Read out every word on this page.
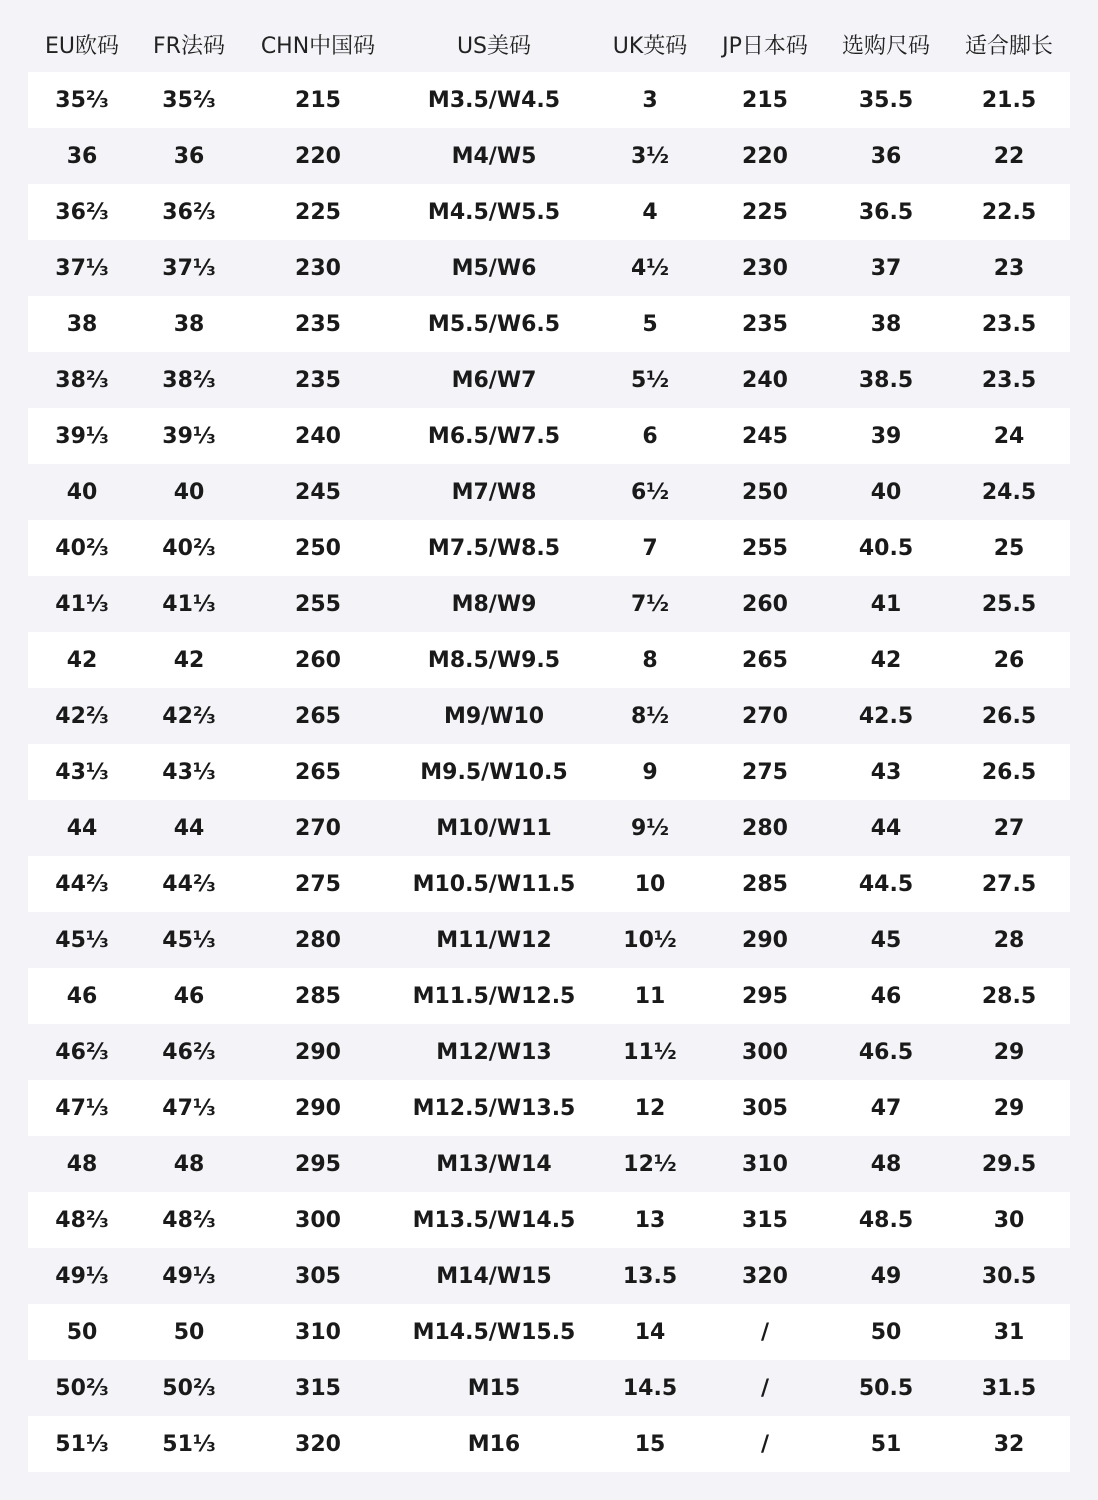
EU欧码	FR法码	CHN中国码	US美码	UK英码	JP日本码	选购尺码	适合脚长
35⅔	35⅔	215	M3.5/W4.5	3	215	35.5	21.5
36	36	220	M4/W5	3½	220	36	22
36⅔	36⅔	225	M4.5/W5.5	4	225	36.5	22.5
37⅓	37⅓	230	M5/W6	4½	230	37	23
38	38	235	M5.5/W6.5	5	235	38	23.5
38⅔	38⅔	235	M6/W7	5½	240	38.5	23.5
39⅓	39⅓	240	M6.5/W7.5	6	245	39	24
40	40	245	M7/W8	6½	250	40	24.5
40⅔	40⅔	250	M7.5/W8.5	7	255	40.5	25
41⅓	41⅓	255	M8/W9	7½	260	41	25.5
42	42	260	M8.5/W9.5	8	265	42	26
42⅔	42⅔	265	M9/W10	8½	270	42.5	26.5
43⅓	43⅓	265	M9.5/W10.5	9	275	43	26.5
44	44	270	M10/W11	9½	280	44	27
44⅔	44⅔	275	M10.5/W11.5	10	285	44.5	27.5
45⅓	45⅓	280	M11/W12	10½	290	45	28
46	46	285	M11.5/W12.5	11	295	46	28.5
46⅔	46⅔	290	M12/W13	11½	300	46.5	29
47⅓	47⅓	290	M12.5/W13.5	12	305	47	29
48	48	295	M13/W14	12½	310	48	29.5
48⅔	48⅔	300	M13.5/W14.5	13	315	48.5	30
49⅓	49⅓	305	M14/W15	13.5	320	49	30.5
50	50	310	M14.5/W15.5	14	/	50	31
50⅔	50⅔	315	M15	14.5	/	50.5	31.5
51⅓	51⅓	320	M16	15	/	51	32
